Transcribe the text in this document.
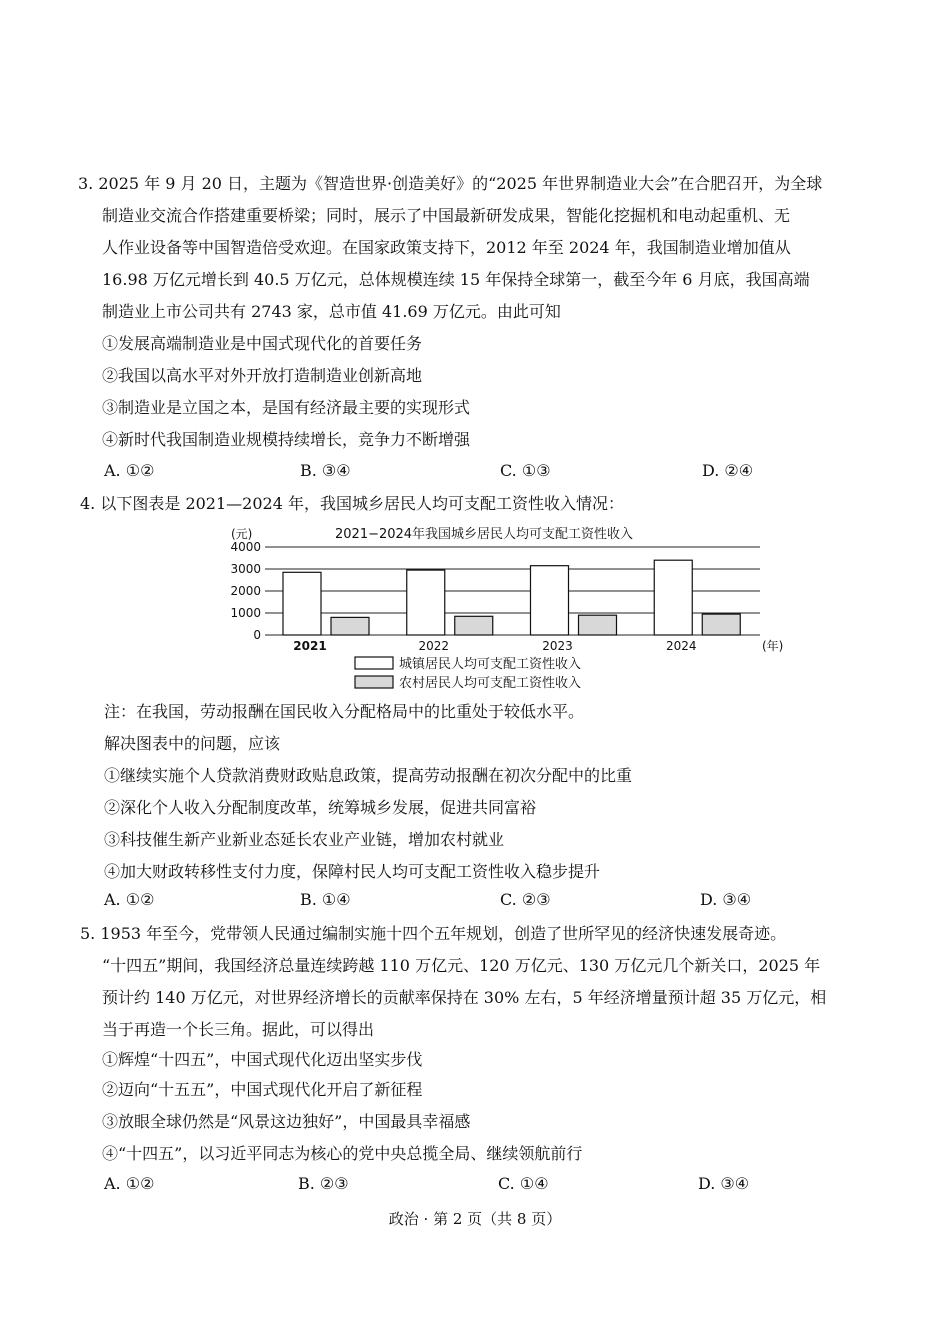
3. 2025 年 9 月 20 日，主题为《智造世界·创造美好》的“2025 年世界制造业大会”在合肥召开，为全球
制造业交流合作搭建重要桥梁；同时，展示了中国最新研发成果，智能化挖掘机和电动起重机、无
人作业设备等中国智造倍受欢迎。在国家政策支持下，2012 年至 2024 年，我国制造业增加值从
16.98 万亿元增长到 40.5 万亿元，总体规模连续 15 年保持全球第一，截至今年 6 月底，我国高端
制造业上市公司共有 2743 家，总市值 41.69 万亿元。由此可知
①发展高端制造业是中国式现代化的首要任务
②我国以高水平对外开放打造制造业创新高地
③制造业是立国之本，是国有经济最主要的实现形式
④新时代我国制造业规模持续增长，竞争力不断增强
A. ①②	B. ③④	C. ①③	D. ②④
4. 以下图表是 2021—2024 年，我国城乡居民人均可支配工资性收入情况：
2021−2024年我国城乡居民人均可支配工资性收入
(元)
0
1000
2000
3000
4000
2021	2022	2023	2024	(年)
城镇居民人均可支配工资性收入
农村居民人均可支配工资性收入
注：在我国，劳动报酬在国民收入分配格局中的比重处于较低水平。
解决图表中的问题，应该
①继续实施个人贷款消费财政贴息政策，提高劳动报酬在初次分配中的比重
②深化个人收入分配制度改革，统筹城乡发展，促进共同富裕
③科技催生新产业新业态延长农业产业链，增加农村就业
④加大财政转移性支付力度，保障村民人均可支配工资性收入稳步提升
A. ①②	B. ①④	C. ②③	D. ③④
5. 1953 年至今，党带领人民通过编制实施十四个五年规划，创造了世所罕见的经济快速发展奇迹。
“十四五”期间，我国经济总量连续跨越 110 万亿元、120 万亿元、130 万亿元几个新关口，2025 年
预计约 140 万亿元，对世界经济增长的贡献率保持在 30% 左右，5 年经济增量预计超 35 万亿元，相
当于再造一个长三角。据此，可以得出
①辉煌“十四五”，中国式现代化迈出坚实步伐
②迈向“十五五”，中国式现代化开启了新征程
③放眼全球仍然是“风景这边独好”，中国最具幸福感
④“十四五”，以习近平同志为核心的党中央总揽全局、继续领航前行
A. ①②	B. ②③	C. ①④	D. ③④
政治 · 第 2 页（共 8 页）
